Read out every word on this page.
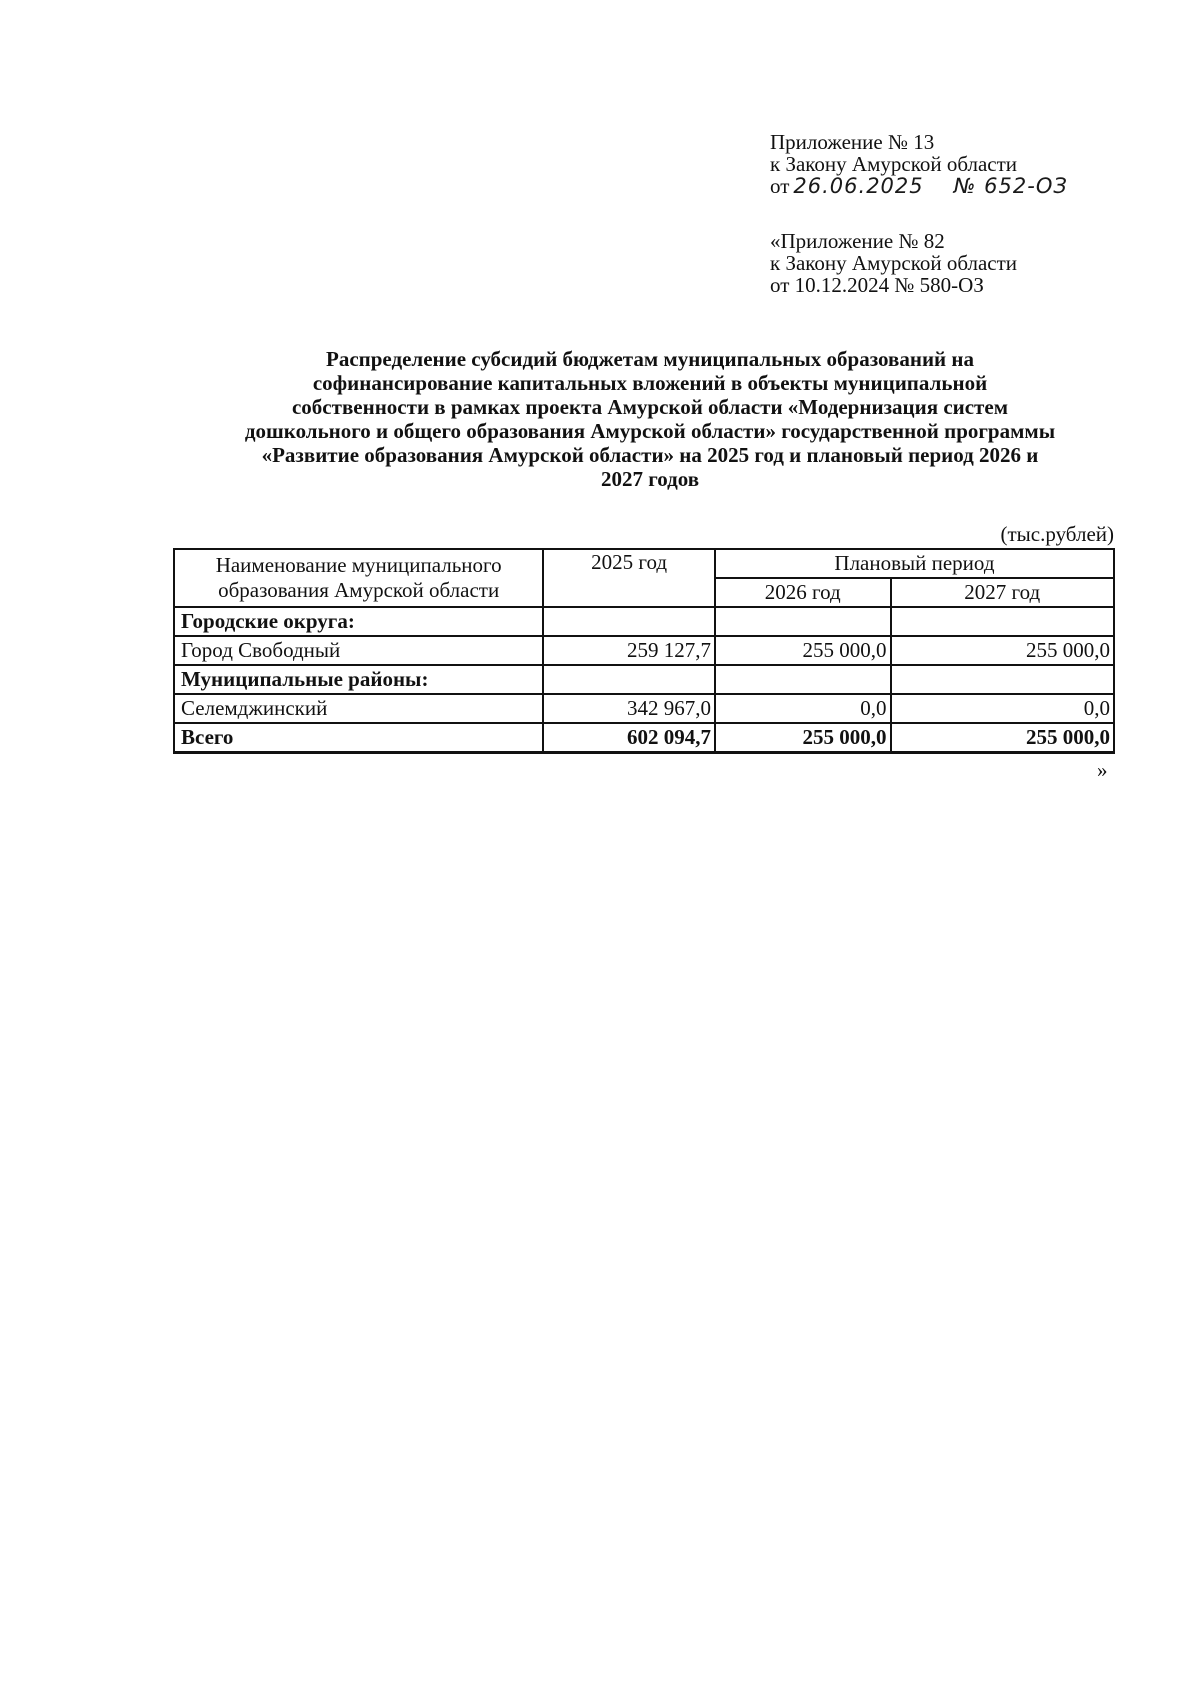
Приложение № 13
к Закону Амурской области
от 26.06.2025 № 652-ОЗ
«Приложение № 82
к Закону Амурской области
от 10.12.2024 № 580-ОЗ
Распределение субсидий бюджетам муниципальных образований на
софинансирование капитальных вложений в объекты муниципальной
собственности в рамках проекта Амурской области «Модернизация систем
дошкольного и общего образования Амурской области» государственной программы
«Развитие образования Амурской области» на 2025 год и плановый период 2026 и
2027 годов
(тыс.рублей)
Наименование муниципального
образования Амурской области	2025 год	Плановый период	
		2026 год	2027 год
Городские округа:			
Город Свободный	259 127,7	255 000,0	255 000,0
Муниципальные районы:			
Селемджинский	342 967,0	0,0	0,0
Всего	602 094,7	255 000,0	255 000,0
»
